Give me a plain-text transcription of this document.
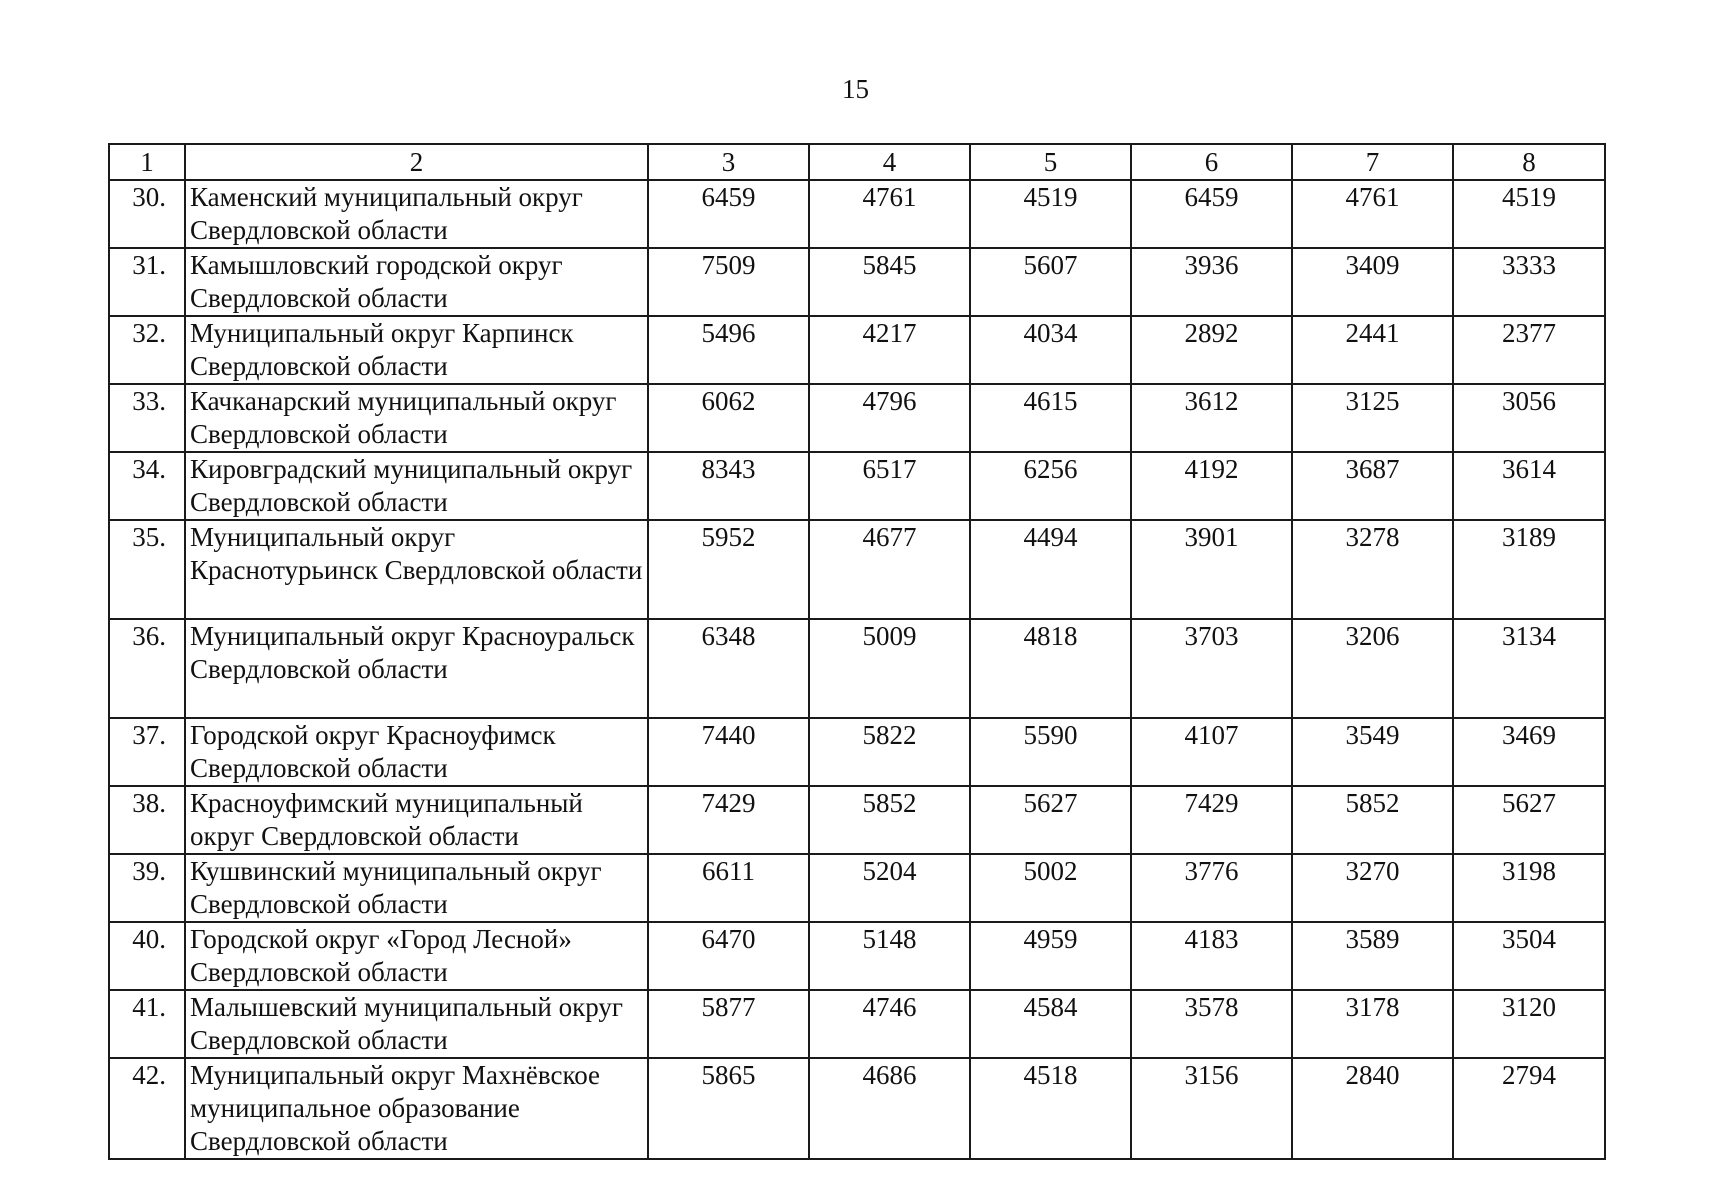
15
1	2	3	4	5	6	7	8
30.	Каменский муниципальный округ Свердловской области	6459	4761	4519	6459	4761	4519
31.	Камышловский городской округ Свердловской области	7509	5845	5607	3936	3409	3333
32.	Муниципальный округ Карпинск Свердловской области	5496	4217	4034	2892	2441	2377
33.	Качканарский муниципальный округ Свердловской области	6062	4796	4615	3612	3125	3056
34.	Кировградский муниципальный округ Свердловской области	8343	6517	6256	4192	3687	3614
35.	Муниципальный округ Краснотурьинск Свердловской области	5952	4677	4494	3901	3278	3189
36.	Муниципальный округ Красноуральск Свердловской области	6348	5009	4818	3703	3206	3134
37.	Городской округ Красноуфимск Свердловской области	7440	5822	5590	4107	3549	3469
38.	Красноуфимский муниципальный округ Свердловской области	7429	5852	5627	7429	5852	5627
39.	Кушвинский муниципальный округ Свердловской области	6611	5204	5002	3776	3270	3198
40.	Городской округ «Город Лесной» Свердловской области	6470	5148	4959	4183	3589	3504
41.	Малышевский муниципальный округ Свердловской области	5877	4746	4584	3578	3178	3120
42.	Муниципальный округ Махнёвское муниципальное образование Свердловской области	5865	4686	4518	3156	2840	2794
